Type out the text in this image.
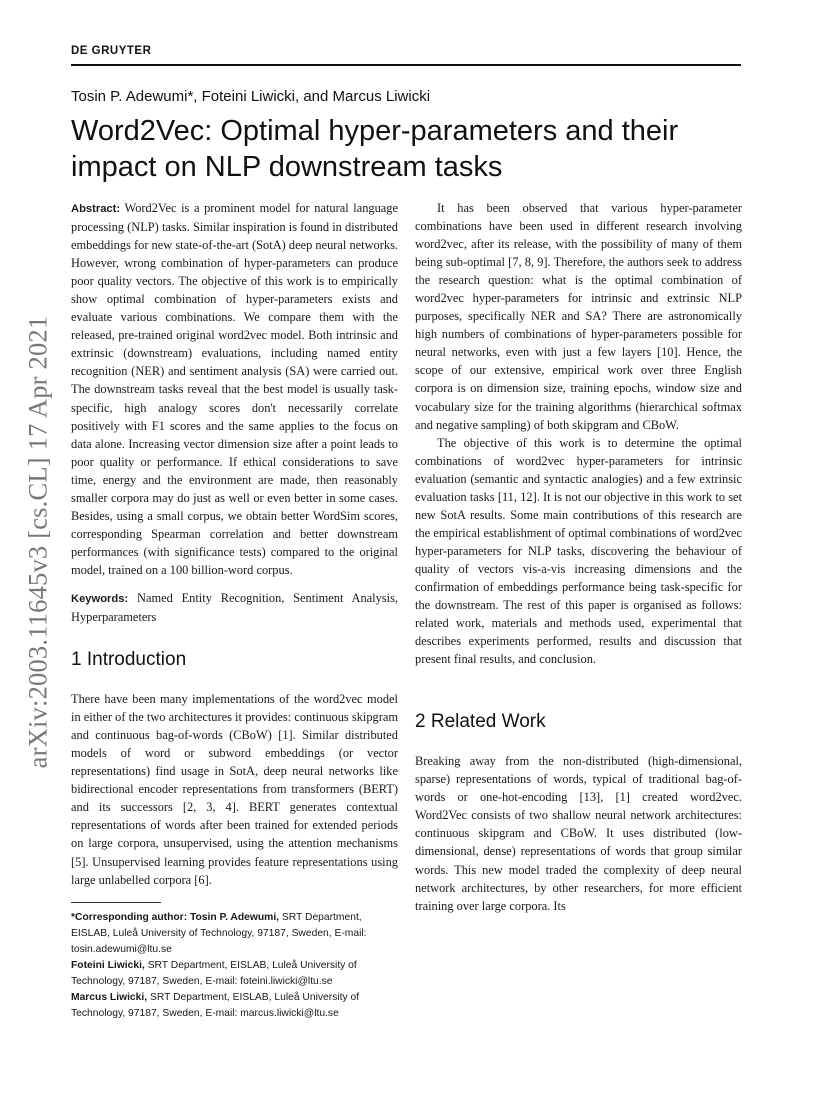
DE GRUYTER
arXiv:2003.11645v3 [cs.CL] 17 Apr 2021
Tosin P. Adewumi*, Foteini Liwicki, and Marcus Liwicki
Word2Vec: Optimal hyper-parameters and their impact on NLP downstream tasks

Abstract: Word2Vec is a prominent model for natural language processing (NLP) tasks. Similar inspiration is found in distributed embeddings for new state-of-the-art (SotA) deep neural networks. However, wrong combination of hyper-parameters can produce poor quality vectors. The objective of this work is to empirically show optimal combination of hyper-parameters exists and evaluate various combinations. We compare them with the released, pre-trained original word2vec model. Both intrinsic and extrinsic (downstream) evaluations, including named entity recognition (NER) and sentiment analysis (SA) were carried out. The downstream tasks reveal that the best model is usually task-specific, high analogy scores don't necessarily correlate positively with F1 scores and the same applies to the focus on data alone. Increasing vector dimension size after a point leads to poor quality or performance. If ethical considerations to save time, energy and the environment are made, then reasonably smaller corpora may do just as well or even better in some cases. Besides, using a small corpus, we obtain better WordSim scores, corresponding Spearman correlation and better downstream performances (with significance tests) compared to the original model, trained on a 100 billion-word corpus.

Keywords: Named Entity Recognition, Sentiment Analysis, Hyperparameters

1 Introduction

There have been many implementations of the word2vec model in either of the two architectures it provides: continuous skipgram and continuous bag-of-words (CBoW) [1]. Similar distributed models of word or subword embeddings (or vector representations) find usage in SotA, deep neural networks like bidirectional encoder representations from transformers (BERT) and its successors [2, 3, 4]. BERT generates contextual representations of words after been trained for extended periods on large corpora, unsupervised, using the attention mechanisms [5]. Unsupervised learning provides feature representations using large unlabelled corpora [6].

It has been observed that various hyper-parameter combinations have been used in different research involving word2vec, after its release, with the possibility of many of them being sub-optimal [7, 8, 9]. Therefore, the authors seek to address the research question: what is the optimal combination of word2vec hyper-parameters for intrinsic and extrinsic NLP purposes, specifically NER and SA? There are astronomically high numbers of combinations of hyper-parameters possible for neural networks, even with just a few layers [10]. Hence, the scope of our extensive, empirical work over three English corpora is on dimension size, training epochs, window size and vocabulary size for the training algorithms (hierarchical softmax and negative sampling) of both skipgram and CBoW.

The objective of this work is to determine the optimal combinations of word2vec hyper-parameters for intrinsic evaluation (semantic and syntactic analogies) and a few extrinsic evaluation tasks [11, 12]. It is not our objective in this work to set new SotA results. Some main contributions of this research are the empirical establishment of optimal combinations of word2vec hyper-parameters for NLP tasks, discovering the behaviour of quality of vectors vis-a-vis increasing dimensions and the confirmation of embeddings performance being task-specific for the downstream. The rest of this paper is organised as follows: related work, materials and methods used, experimental that describes experiments performed, results and discussion that present final results, and conclusion.

2 Related Work

Breaking away from the non-distributed (high-dimensional, sparse) representations of words, typical of traditional bag-of-words or one-hot-encoding [13], [1] created word2vec. Word2Vec consists of two shallow neural network architectures: continuous skipgram and CBoW. It uses distributed (low-dimensional, dense) representations of words that group similar words. This new model traded the complexity of deep neural network architectures, by other researchers, for more efficient training over large corpora. Its

*Corresponding author: Tosin P. Adewumi, SRT Department, EISLAB, Luleå University of Technology, 97187, Sweden, E-mail: tosin.adewumi@ltu.se

Foteini Liwicki, SRT Department, EISLAB, Luleå University of Technology, 97187, Sweden, E-mail: foteini.liwicki@ltu.se

Marcus Liwicki, SRT Department, EISLAB, Luleå University of Technology, 97187, Sweden, E-mail: marcus.liwicki@ltu.se
